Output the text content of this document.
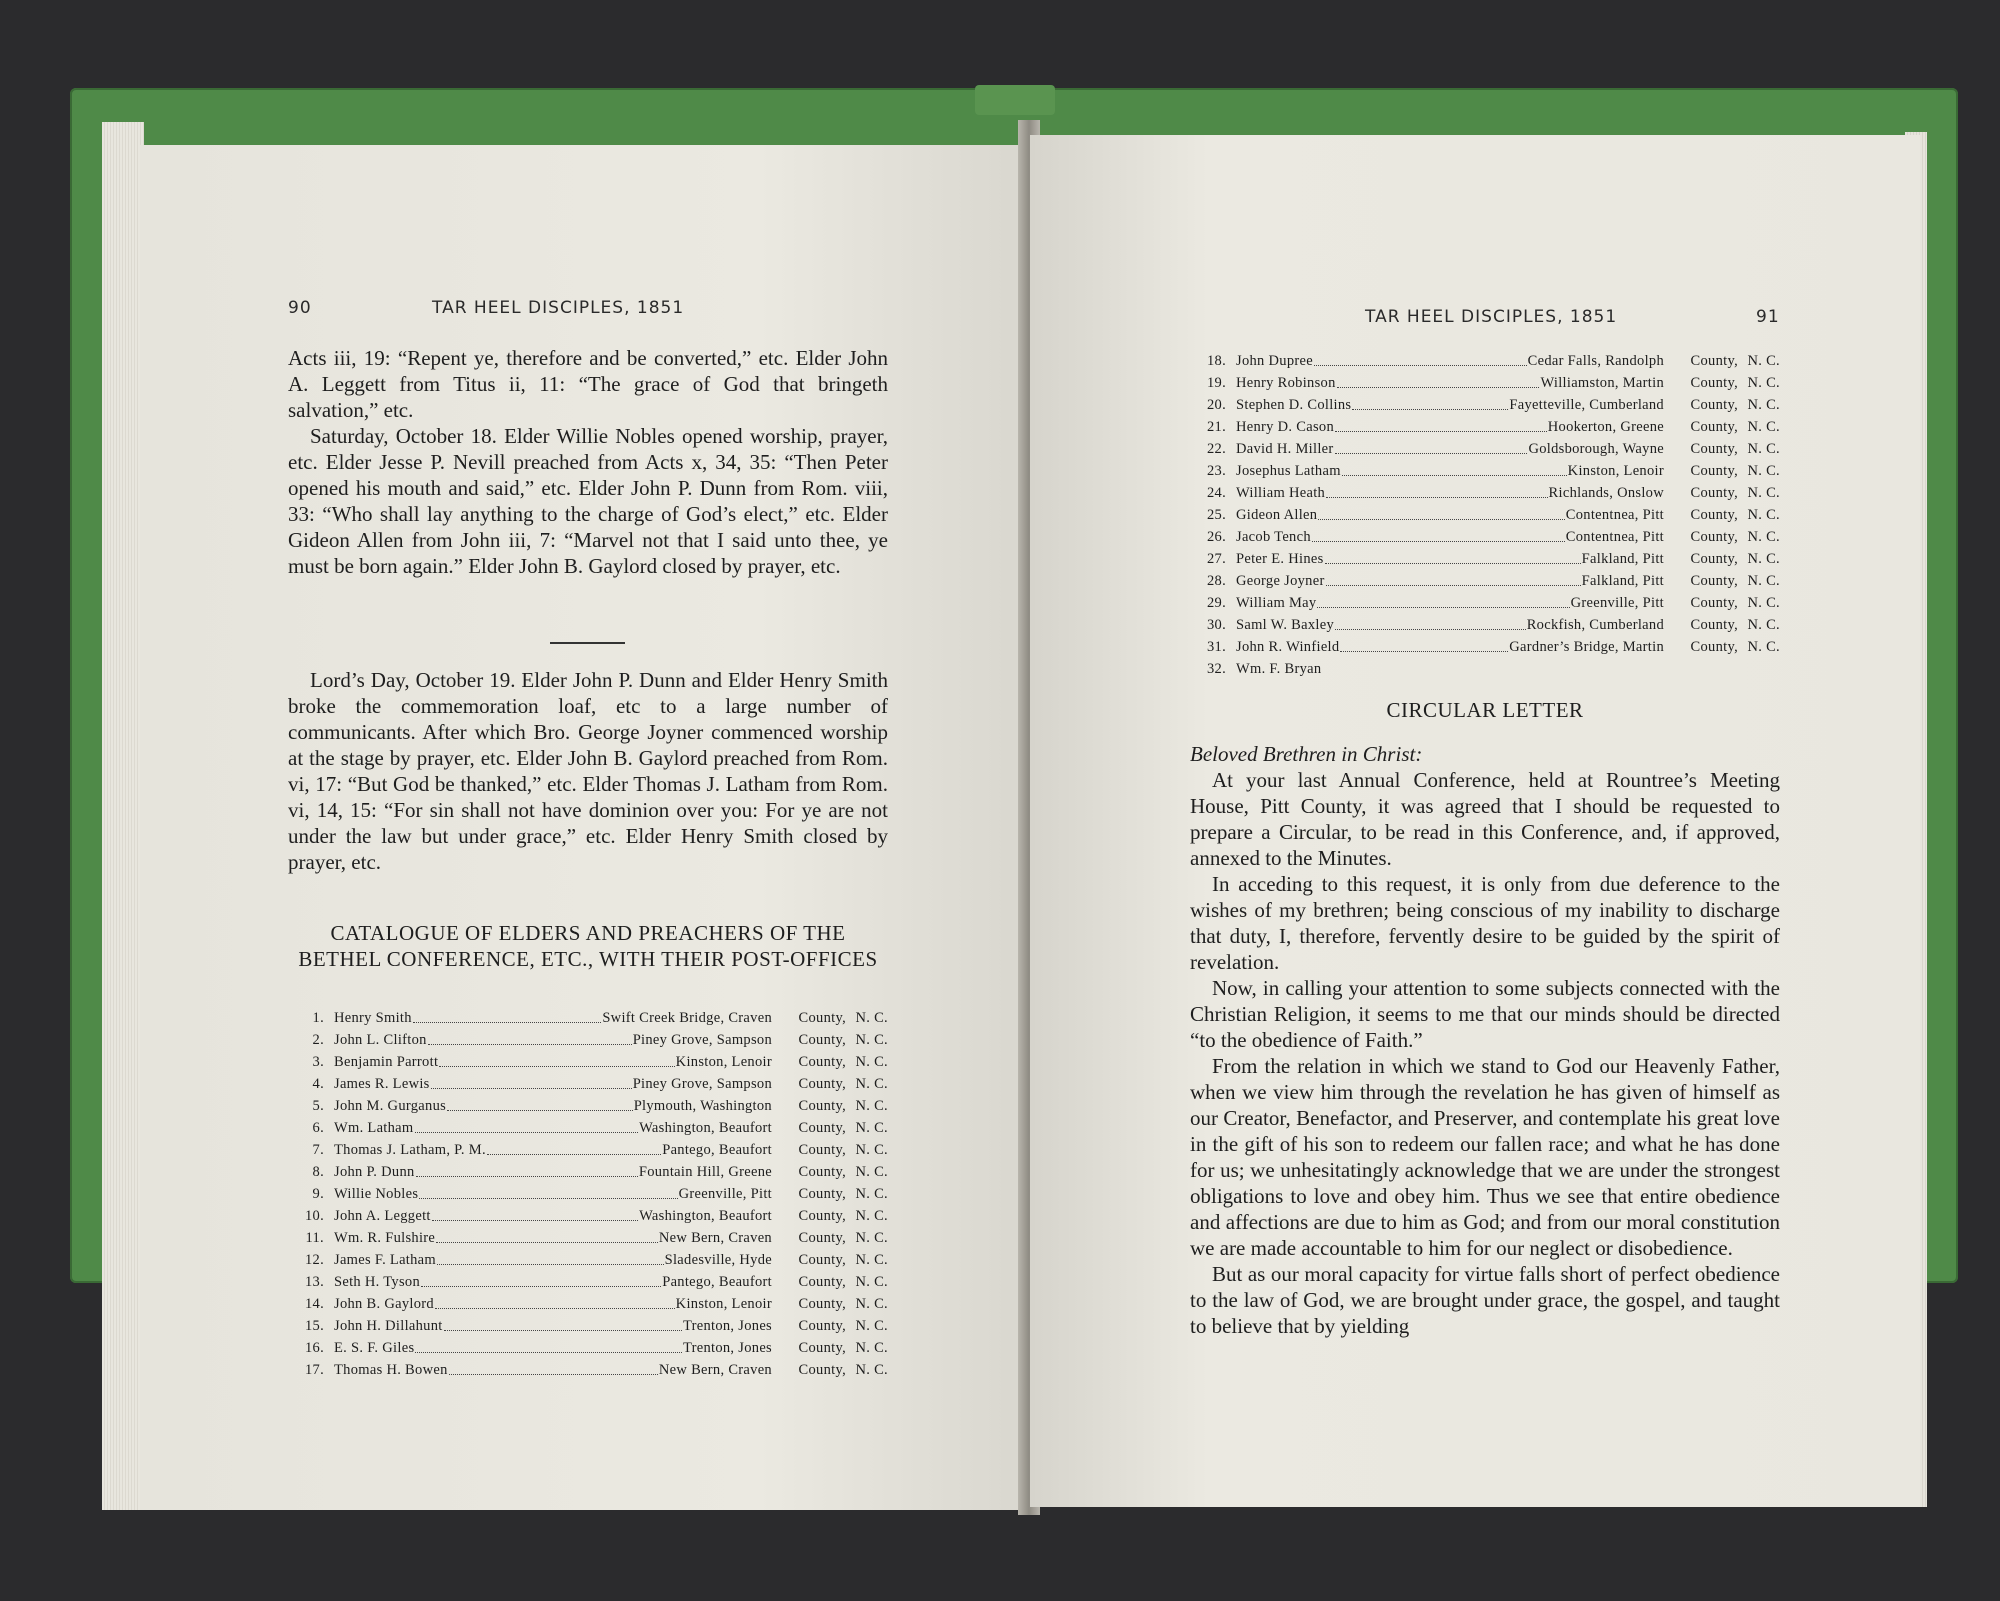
90	TAR HEEL DISCIPLES, 1851

Acts iii, 19: “Repent ye, therefore and be converted,” etc. Elder John A. Leggett from Titus ii, 11: “The grace of God that bringeth salvation,” etc.

Saturday, October 18. Elder Willie Nobles opened worship, prayer, etc. Elder Jesse P. Nevill preached from Acts x, 34, 35: “Then Peter opened his mouth and said,” etc. Elder John P. Dunn from Rom. viii, 33: “Who shall lay anything to the charge of God’s elect,” etc. Elder Gideon Allen from John iii, 7: “Marvel not that I said unto thee, ye must be born again.” Elder John B. Gaylord closed by prayer, etc.

Lord’s Day, October 19. Elder John P. Dunn and Elder Henry Smith broke the commemoration loaf, etc to a large number of communicants. After which Bro. George Joyner commenced worship at the stage by prayer, etc. Elder John B. Gaylord preached from Rom. vi, 17: “But God be thanked,” etc. Elder Thomas J. Latham from Rom. vi, 14, 15: “For sin shall not have dominion over you: For ye are not under the law but under grace,” etc. Elder Henry Smith closed by prayer, etc.

CATALOGUE OF ELDERS AND PREACHERS OF THE BETHEL CONFERENCE, ETC., WITH THEIR POST-OFFICES
1. Henry Smith	Swift Creek Bridge, Craven	County, N. C.
2. John L. Clifton	Piney Grove, Sampson	County, N. C.
3. Benjamin Parrott	Kinston, Lenoir	County, N. C.
4. James R. Lewis	Piney Grove, Sampson	County, N. C.
5. John M. Gurganus	Plymouth, Washington	County, N. C.
6. Wm. Latham	Washington, Beaufort	County, N. C.
7. Thomas J. Latham, P. M.	Pantego, Beaufort	County, N. C.
8. John P. Dunn	Fountain Hill, Greene	County, N. C.
9. Willie Nobles	Greenville, Pitt	County, N. C.
10. John A. Leggett	Washington, Beaufort	County, N. C.
11. Wm. R. Fulshire	New Bern, Craven	County, N. C.
12. James F. Latham	Sladesville, Hyde	County, N. C.
13. Seth H. Tyson	Pantego, Beaufort	County, N. C.
14. John B. Gaylord	Kinston, Lenoir	County, N. C.
15. John H. Dillahunt	Trenton, Jones	County, N. C.
16. E. S. F. Giles	Trenton, Jones	County, N. C.
17. Thomas H. Bowen	New Bern, Craven	County, N. C.
TAR HEEL DISCIPLES, 1851	91
18. John Dupree	Cedar Falls, Randolph	County, N. C.
19. Henry Robinson	Williamston, Martin	County, N. C.
20. Stephen D. Collins	Fayetteville, Cumberland	County, N. C.
21. Henry D. Cason	Hookerton, Greene	County, N. C.
22. David H. Miller	Goldsborough, Wayne	County, N. C.
23. Josephus Latham	Kinston, Lenoir	County, N. C.
24. William Heath	Richlands, Onslow	County, N. C.
25. Gideon Allen	Contentnea, Pitt	County, N. C.
26. Jacob Tench	Contentnea, Pitt	County, N. C.
27. Peter E. Hines	Falkland, Pitt	County, N. C.
28. George Joyner	Falkland, Pitt	County, N. C.
29. William May	Greenville, Pitt	County, N. C.
30. Saml W. Baxley	Rockfish, Cumberland	County, N. C.
31. John R. Winfield	Gardner’s Bridge, Martin	County, N. C.
32. Wm. F. Bryan
CIRCULAR LETTER

Beloved Brethren in Christ:

At your last Annual Conference, held at Rountree’s Meeting House, Pitt County, it was agreed that I should be requested to prepare a Circular, to be read in this Conference, and, if approved, annexed to the Minutes.

In acceding to this request, it is only from due deference to the wishes of my brethren; being conscious of my inability to discharge that duty, I, therefore, fervently desire to be guided by the spirit of revelation.

Now, in calling your attention to some subjects connected with the Christian Religion, it seems to me that our minds should be directed “to the obedience of Faith.”

From the relation in which we stand to God our Heavenly Father, when we view him through the revelation he has given of himself as our Creator, Benefactor, and Preserver, and contemplate his great love in the gift of his son to redeem our fallen race; and what he has done for us; we unhesitatingly acknowledge that we are under the strongest obligations to love and obey him. Thus we see that entire obedience and affections are due to him as God; and from our moral constitution we are made accountable to him for our neglect or disobedience.

But as our moral capacity for virtue falls short of perfect obedience to the law of God, we are brought under grace, the gospel, and taught to believe that by yielding
